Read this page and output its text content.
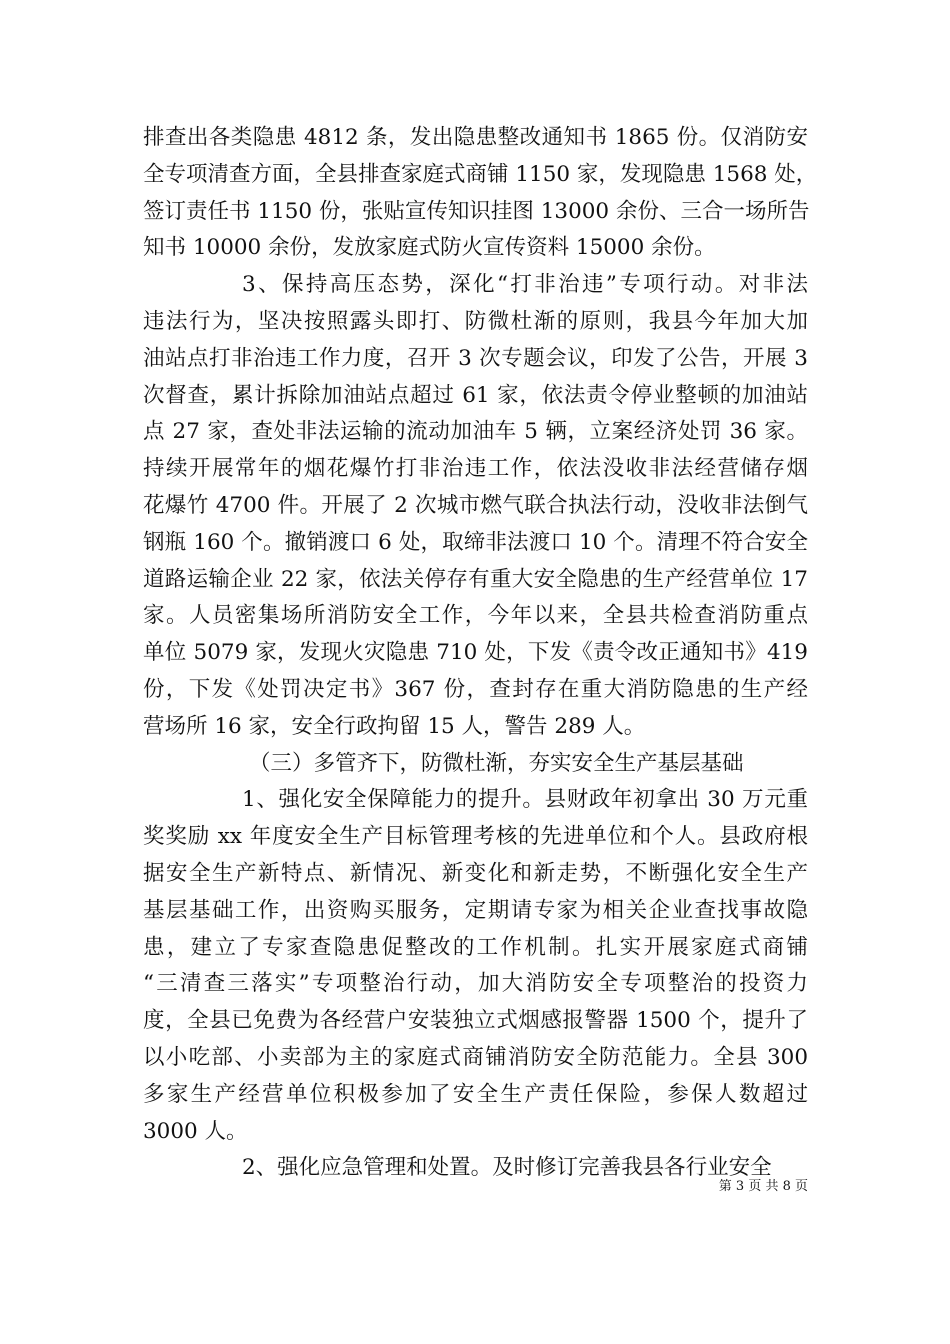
排查出各类隐患 4812 条，发出隐患整改通知书 1865 份。仅消防安
全专项清查方面，全县排查家庭式商铺 1150 家，发现隐患 1568 处，
签订责任书 1150 份，张贴宣传知识挂图 13000 余份、三合一场所告
知书 10000 余份，发放家庭式防火宣传资料 15000 余份。
3、保持高压态势，深化“打非治违”专项行动。对非法
违法行为，坚决按照露头即打、防微杜渐的原则，我县今年加大加
油站点打非治违工作力度，召开 3 次专题会议，印发了公告，开展 3
次督查，累计拆除加油站点超过 61 家，依法责令停业整顿的加油站
点 27 家，查处非法运输的流动加油车 5 辆，立案经济处罚 36 家。
持续开展常年的烟花爆竹打非治违工作，依法没收非法经营储存烟
花爆竹 4700 件。开展了 2 次城市燃气联合执法行动，没收非法倒气
钢瓶 160 个。撤销渡口 6 处，取缔非法渡口 10 个。清理不符合安全
道路运输企业 22 家，依法关停存有重大安全隐患的生产经营单位 17
家。人员密集场所消防安全工作，今年以来，全县共检查消防重点
单位 5079 家，发现火灾隐患 710 处，下发《责令改正通知书》419
份，下发《处罚决定书》367 份，查封存在重大消防隐患的生产经
营场所 16 家，安全行政拘留 15 人，警告 289 人。
（三）多管齐下，防微杜渐，夯实安全生产基层基础
1、强化安全保障能力的提升。县财政年初拿出 30 万元重
奖奖励 xx 年度安全生产目标管理考核的先进单位和个人。县政府根
据安全生产新特点、新情况、新变化和新走势，不断强化安全生产
基层基础工作，出资购买服务，定期请专家为相关企业查找事故隐
患，建立了专家查隐患促整改的工作机制。扎实开展家庭式商铺
“三清查三落实”专项整治行动，加大消防安全专项整治的投资力
度，全县已免费为各经营户安装独立式烟感报警器 1500 个，提升了
以小吃部、小卖部为主的家庭式商铺消防安全防范能力。全县 300
多家生产经营单位积极参加了安全生产责任保险，参保人数超过
3000 人。
2、强化应急管理和处置。及时修订完善我县各行业安全
第 3 页 共 8 页
